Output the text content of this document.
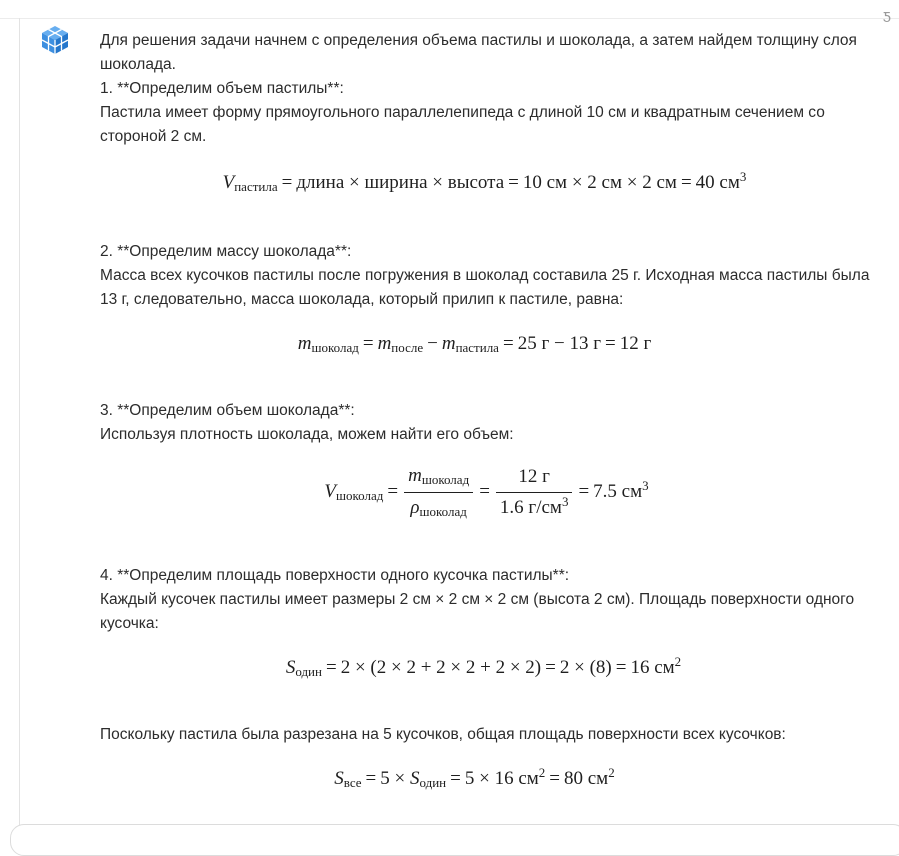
Ƽ

Для решения задачи начнем с определения объема пастилы и шоколада, а затем найдем толщину слоя шоколада.

1. **Определим объем пастилы**:

Пастила имеет форму прямоугольного параллелепипеда с длиной 10 см и квадратным сечением со стороной 2 см.

Vпастила = длина × ширина × высота = 10 см × 2 см × 2 см = 40 $см^3$

2. **Определим массу шоколада**:

Масса всех кусочков пастилы после погружения в шоколад составила 25 г. Исходная масса пастилы была 13 г, следовательно, масса шоколада, который прилип к пастиле, равна:

mшоколад = mпосле − mпастила = 25 г − 13 г = 12 г

3. **Определим объем шоколада**:

Используя плотность шоколада, можем найти его объем:

Vшоколад = $\frac{\text{mшоколад}}{\text{ρшоколад}} = \frac{12 г}{1.6 г/см^3} = 7.5$ $см^3$

4. **Определим площадь поверхности одного кусочка пастилы**:

Каждый кусочек пастилы имеет размеры 2 см × 2 см × 2 см (высота 2 см). Площадь поверхности одного кусочка:

Sодин = 2 × (2 × 2 + 2 × 2 + 2 × 2) = 2 × (8) = 16 $см^2$

Поскольку пастила была разрезана на 5 кусочков, общая площадь поверхности всех кусочков:

Sвсе = 5 × Sодин = 5 × 16 $см^2 = 80$ $см^2$
